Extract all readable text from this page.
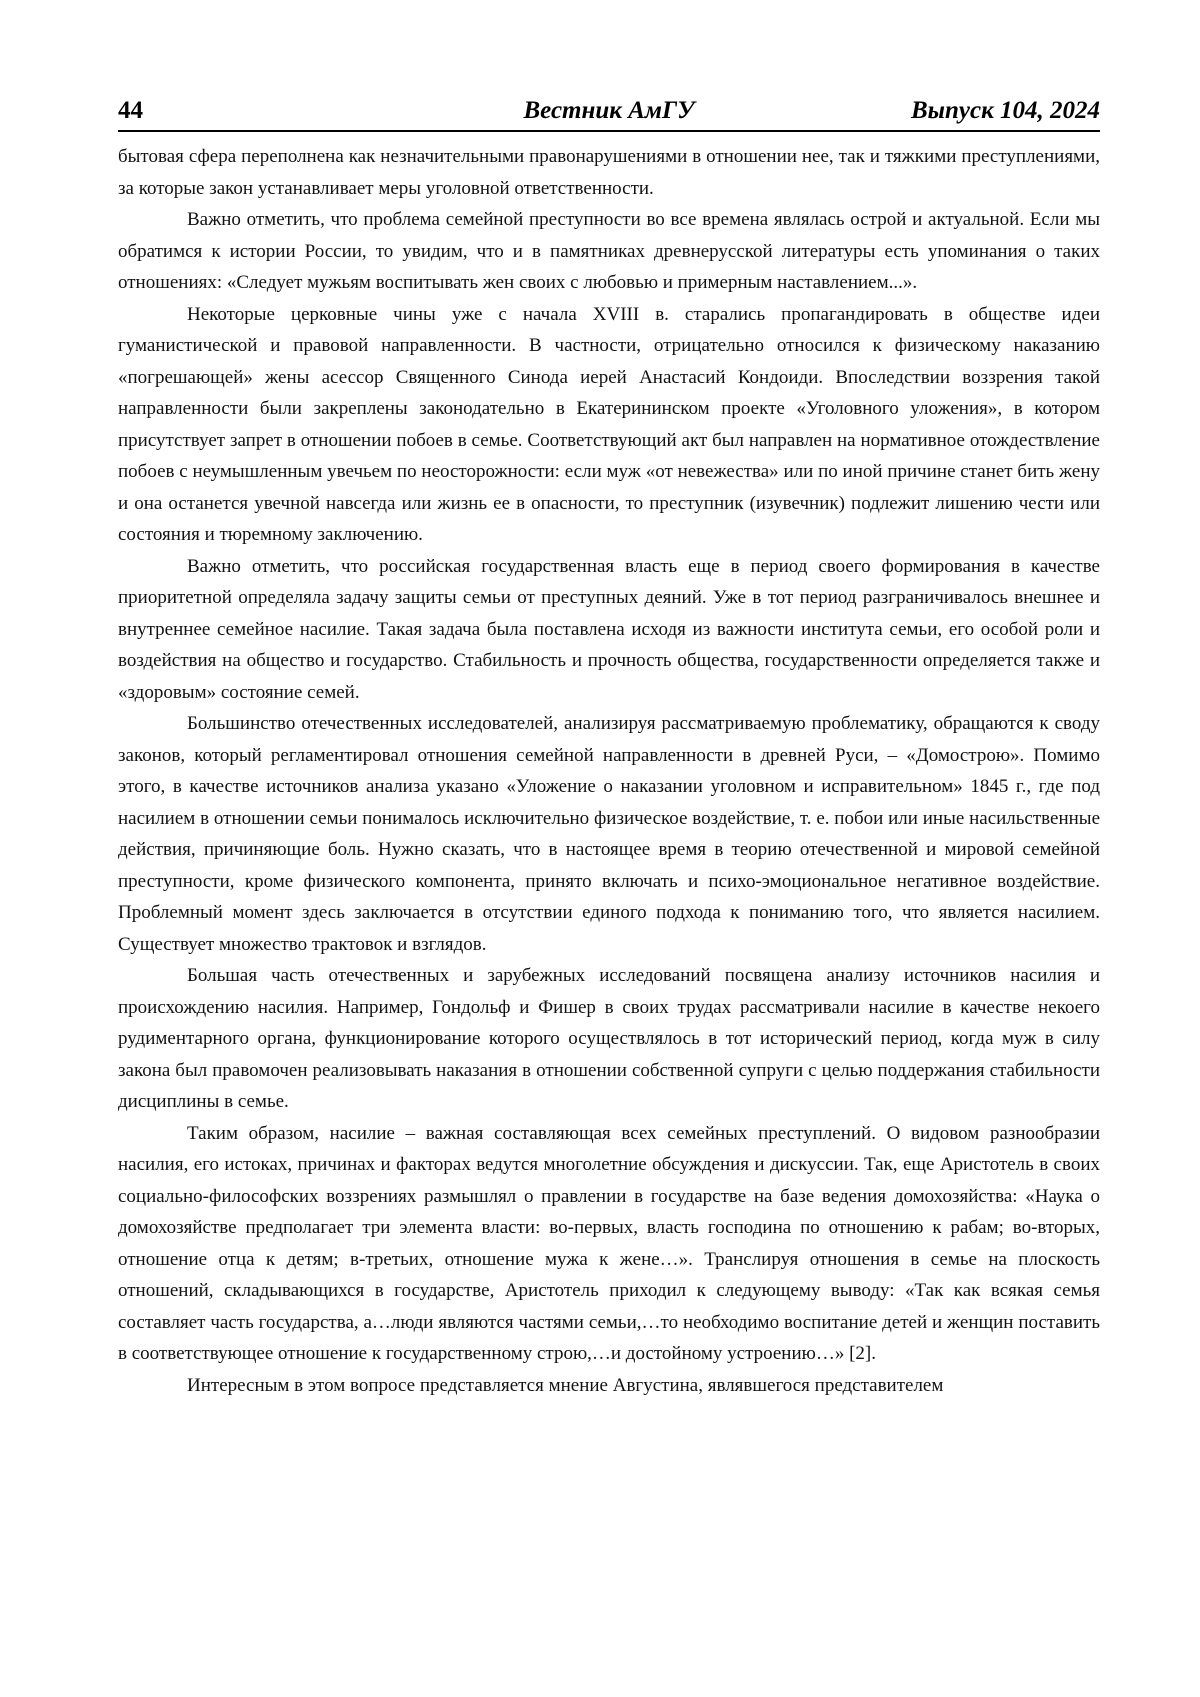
44	Вестник АмГУ	Выпуск 104, 2024

бытовая сфера переполнена как незначительными правонарушениями в отношении нее, так и тяжкими преступлениями, за которые закон устанавливает меры уголовной ответственности.

Важно отметить, что проблема семейной преступности во все времена являлась острой и актуальной. Если мы обратимся к истории России, то увидим, что и в памятниках древнерусской литературы есть упоминания о таких отношениях: «Следует мужьям воспитывать жен своих с любовью и примерным наставлением...».

Некоторые церковные чины уже с начала XVIII в. старались пропагандировать в обществе идеи гуманистической и правовой направленности. В частности, отрицательно относился к физическому наказанию «погрешающей» жены асессор Священного Синода иерей Анастасий Кондоиди. Впоследствии воззрения такой направленности были закреплены законодательно в Екатерининском проекте «Уголовного уложения», в котором присутствует запрет в отношении побоев в семье. Соответствующий акт был направлен на нормативное отождествление побоев с неумышленным увечьем по неосторожности: если муж «от невежества» или по иной причине станет бить жену и она останется увечной навсегда или жизнь ее в опасности, то преступник (изувечник) подлежит лишению чести или состояния и тюремному заключению.

Важно отметить, что российская государственная власть еще в период своего формирования в качестве приоритетной определяла задачу защиты семьи от преступных деяний. Уже в тот период разграничивалось внешнее и внутреннее семейное насилие. Такая задача была поставлена исходя из важности института семьи, его особой роли и воздействия на общество и государство. Стабильность и прочность общества, государственности определяется также и «здоровым» состояние семей.

Большинство отечественных исследователей, анализируя рассматриваемую проблематику, обращаются к своду законов, который регламентировал отношения семейной направленности в древней Руси, – «Домострою». Помимо этого, в качестве источников анализа указано «Уложение о наказании уголовном и исправительном» 1845 г., где под насилием в отношении семьи понималось исключительно физическое воздействие, т. е. побои или иные насильственные действия, причиняющие боль. Нужно сказать, что в настоящее время в теорию отечественной и мировой семейной преступности, кроме физического компонента, принято включать и психо-эмоциональное негативное воздействие. Проблемный момент здесь заключается в отсутствии единого подхода к пониманию того, что является насилием. Существует множество трактовок и взглядов.

Большая часть отечественных и зарубежных исследований посвящена анализу источников насилия и происхождению насилия. Например, Гондольф и Фишер в своих трудах рассматривали насилие в качестве некоего рудиментарного органа, функционирование которого осуществлялось в тот исторический период, когда муж в силу закона был правомочен реализовывать наказания в отношении собственной супруги с целью поддержания стабильности дисциплины в семье.

Таким образом, насилие – важная составляющая всех семейных преступлений. О видовом разнообразии насилия, его истоках, причинах и факторах ведутся многолетние обсуждения и дискуссии. Так, еще Аристотель в своих социально-философских воззрениях размышлял о правлении в государстве на базе ведения домохозяйства: «Наука о домохозяйстве предполагает три элемента власти: во-первых, власть господина по отношению к рабам; во-вторых, отношение отца к детям; в-третьих, отношение мужа к жене…». Транслируя отношения в семье на плоскость отношений, складывающихся в государстве, Аристотель приходил к следующему выводу: «Так как всякая семья составляет часть государства, а…люди являются частями семьи,…то необходимо воспитание детей и женщин поставить в соответствующее отношение к государственному строю,…и достойному устроению…» [2].

Интересным в этом вопросе представляется мнение Августина, являвшегося представителем
